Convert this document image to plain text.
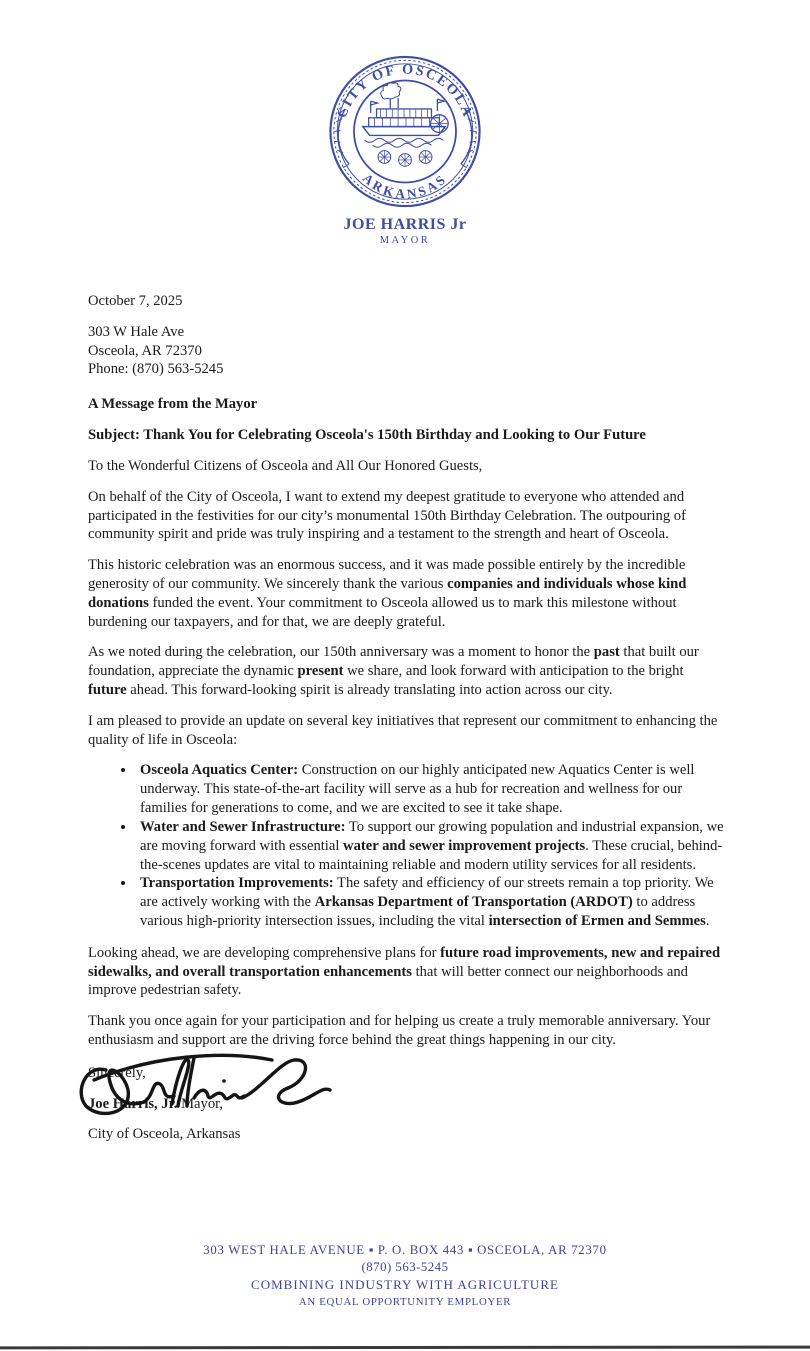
CITY OF OSCEOLA
ARKANSAS
JOE HARRIS Jr
MAYOR

October 7, 2025

303 W Hale Ave
Osceola, AR 72370
Phone: (870) 563-5245

A Message from the Mayor

Subject: Thank You for Celebrating Osceola's 150th Birthday and Looking to Our Future

To the Wonderful Citizens of Osceola and All Our Honored Guests,

On behalf of the City of Osceola, I want to extend my deepest gratitude to everyone who attended and participated in the festivities for our city’s monumental 150th Birthday Celebration. The outpouring of community spirit and pride was truly inspiring and a testament to the strength and heart of Osceola.

This historic celebration was an enormous success, and it was made possible entirely by the incredible generosity of our community. We sincerely thank the various companies and individuals whose kind donations funded the event. Your commitment to Osceola allowed us to mark this milestone without burdening our taxpayers, and for that, we are deeply grateful.

As we noted during the celebration, our 150th anniversary was a moment to honor the past that built our foundation, appreciate the dynamic present we share, and look forward with anticipation to the bright future ahead. This forward-looking spirit is already translating into action across our city.

I am pleased to provide an update on several key initiatives that represent our commitment to enhancing the quality of life in Osceola:

• Osceola Aquatics Center: Construction on our highly anticipated new Aquatics Center is well underway. This state-of-the-art facility will serve as a hub for recreation and wellness for our families for generations to come, and we are excited to see it take shape.
• Water and Sewer Infrastructure: To support our growing population and industrial expansion, we are moving forward with essential water and sewer improvement projects. These crucial, behind-the-scenes updates are vital to maintaining reliable and modern utility services for all residents.
• Transportation Improvements: The safety and efficiency of our streets remain a top priority. We are actively working with the Arkansas Department of Transportation (ARDOT) to address various high-priority intersection issues, including the vital intersection of Ermen and Semmes.

Looking ahead, we are developing comprehensive plans for future road improvements, new and repaired sidewalks, and overall transportation enhancements that will better connect our neighborhoods and improve pedestrian safety.

Thank you once again for your participation and for helping us create a truly memorable anniversary. Your enthusiasm and support are the driving force behind the great things happening in our city.

Sincerely,

Joe Harris, Jr. Mayor,

City of Osceola, Arkansas

303 WEST HALE AVENUE ▪ P. O. BOX 443 ▪ OSCEOLA, AR 72370
(870) 563-5245
COMBINING INDUSTRY WITH AGRICULTURE
AN EQUAL OPPORTUNITY EMPLOYER
